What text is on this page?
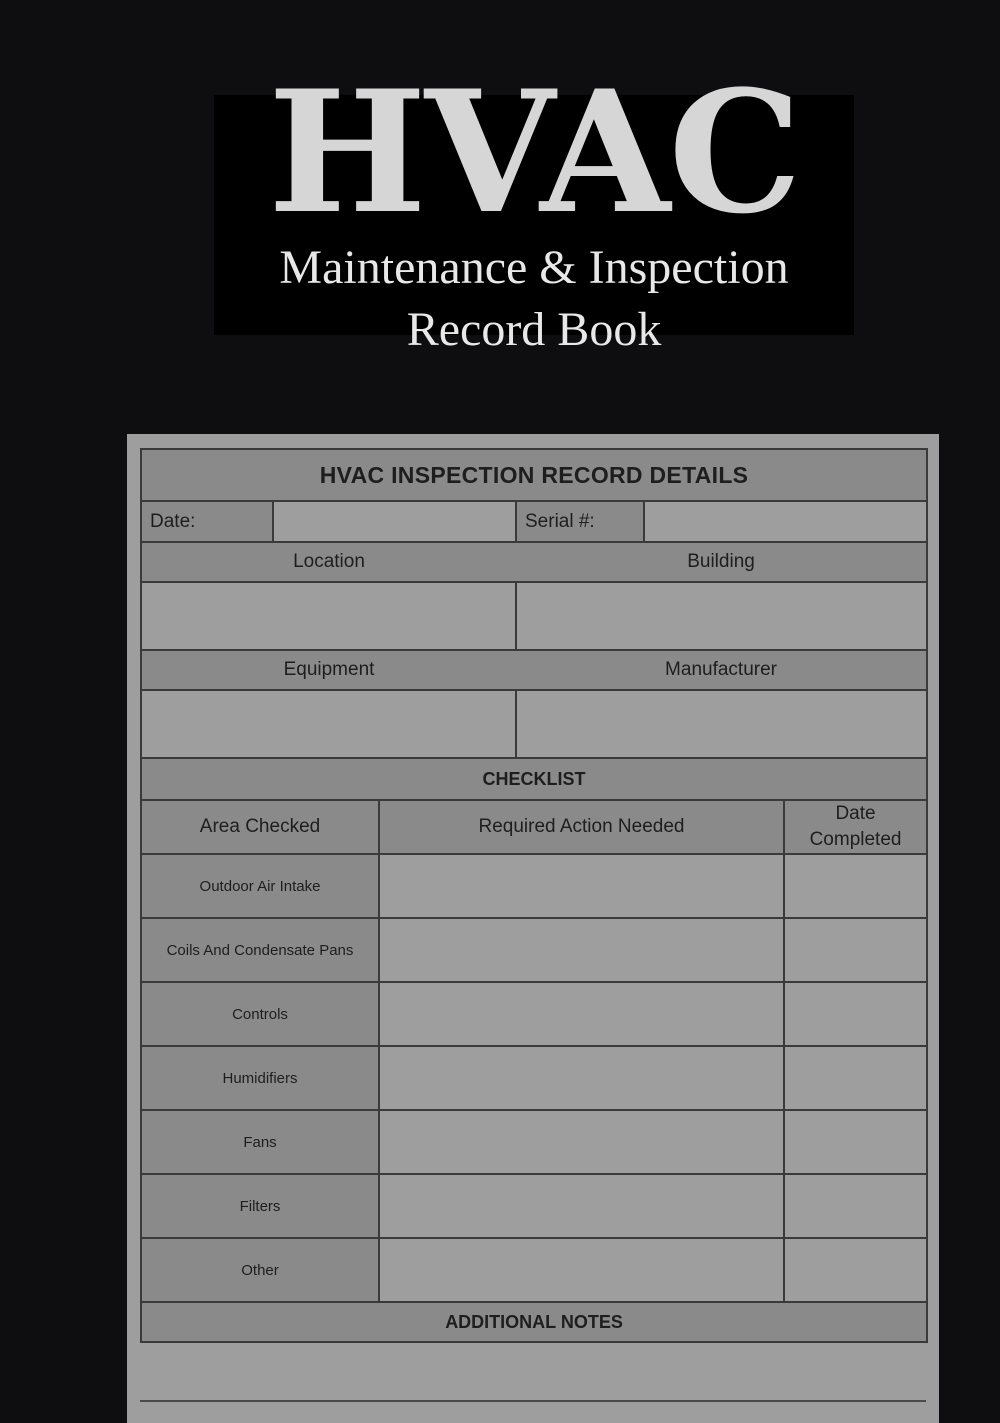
HVAC
Maintenance & Inspection
Record Book
HVAC INSPECTION RECORD DETAILS					
Date:			Serial #:		
Location			Building		

Equipment			Manufacturer		

CHECKLIST					
Area Checked		Required Action Needed			Date
Completed

Outdoor Air Intake					
Coils And Condensate Pans					
Controls					
Humidifiers					
Fans					
Filters					
Other					
ADDITIONAL NOTES					
